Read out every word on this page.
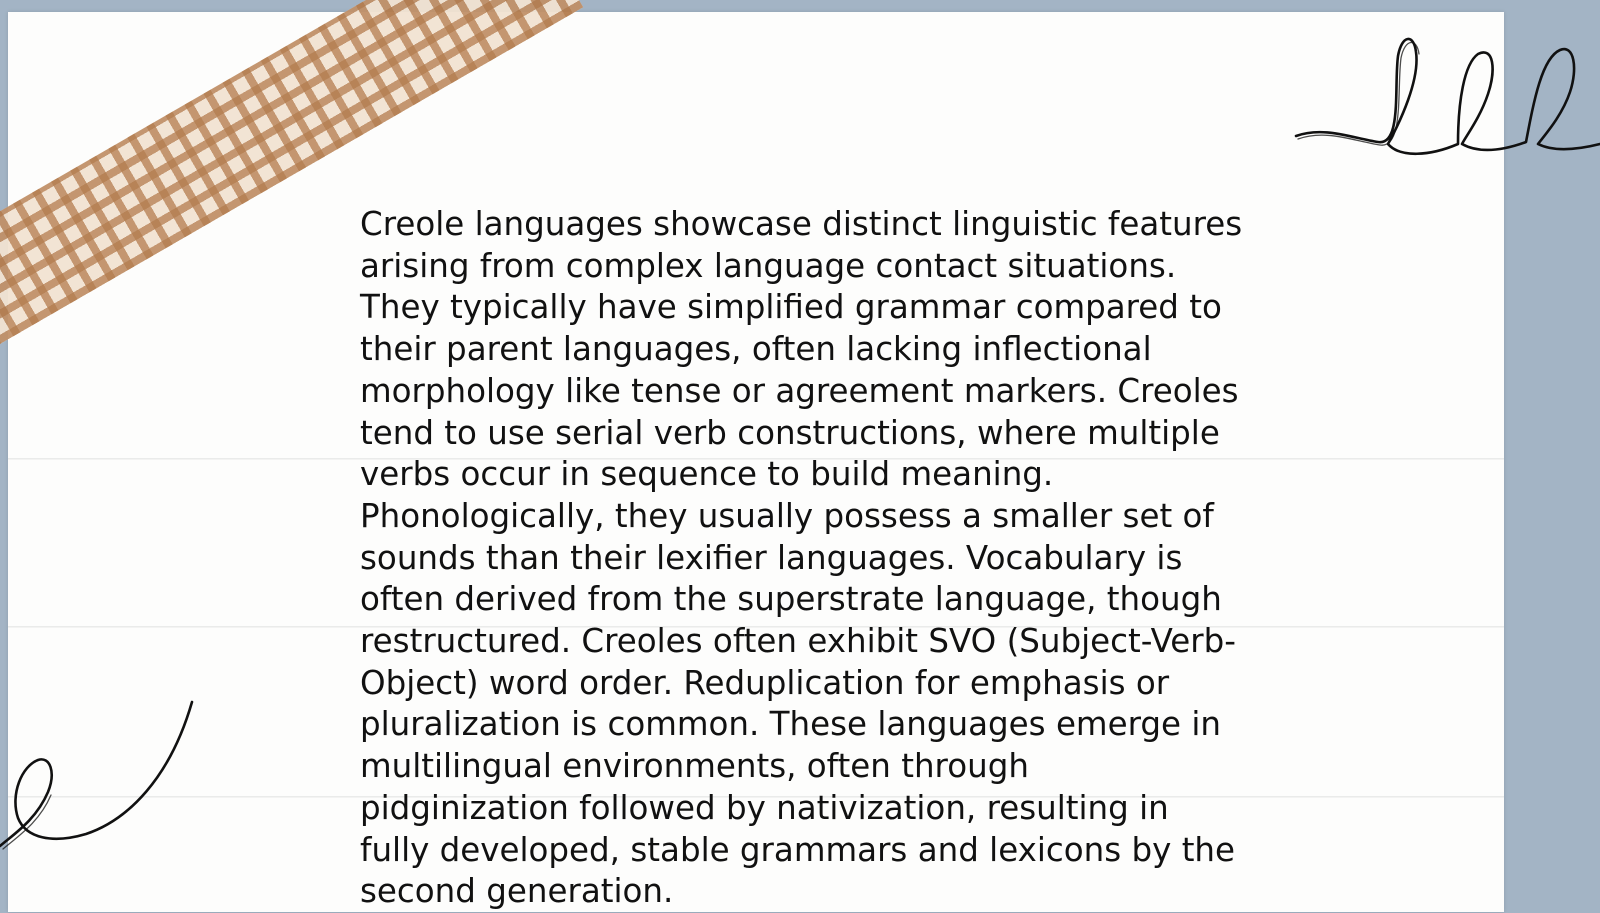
Creole languages showcase distinct linguistic features
arising from complex language contact situations.
They typically have simplified grammar compared to
their parent languages, often lacking inflectional
morphology like tense or agreement markers. Creoles
tend to use serial verb constructions, where multiple
verbs occur in sequence to build meaning.
Phonologically, they usually possess a smaller set of
sounds than their lexifier languages. Vocabulary is
often derived from the superstrate language, though
restructured. Creoles often exhibit SVO (Subject-Verb-
Object) word order. Reduplication for emphasis or
pluralization is common. These languages emerge in
multilingual environments, often through
pidginization followed by nativization, resulting in
fully developed, stable grammars and lexicons by the
second generation.
